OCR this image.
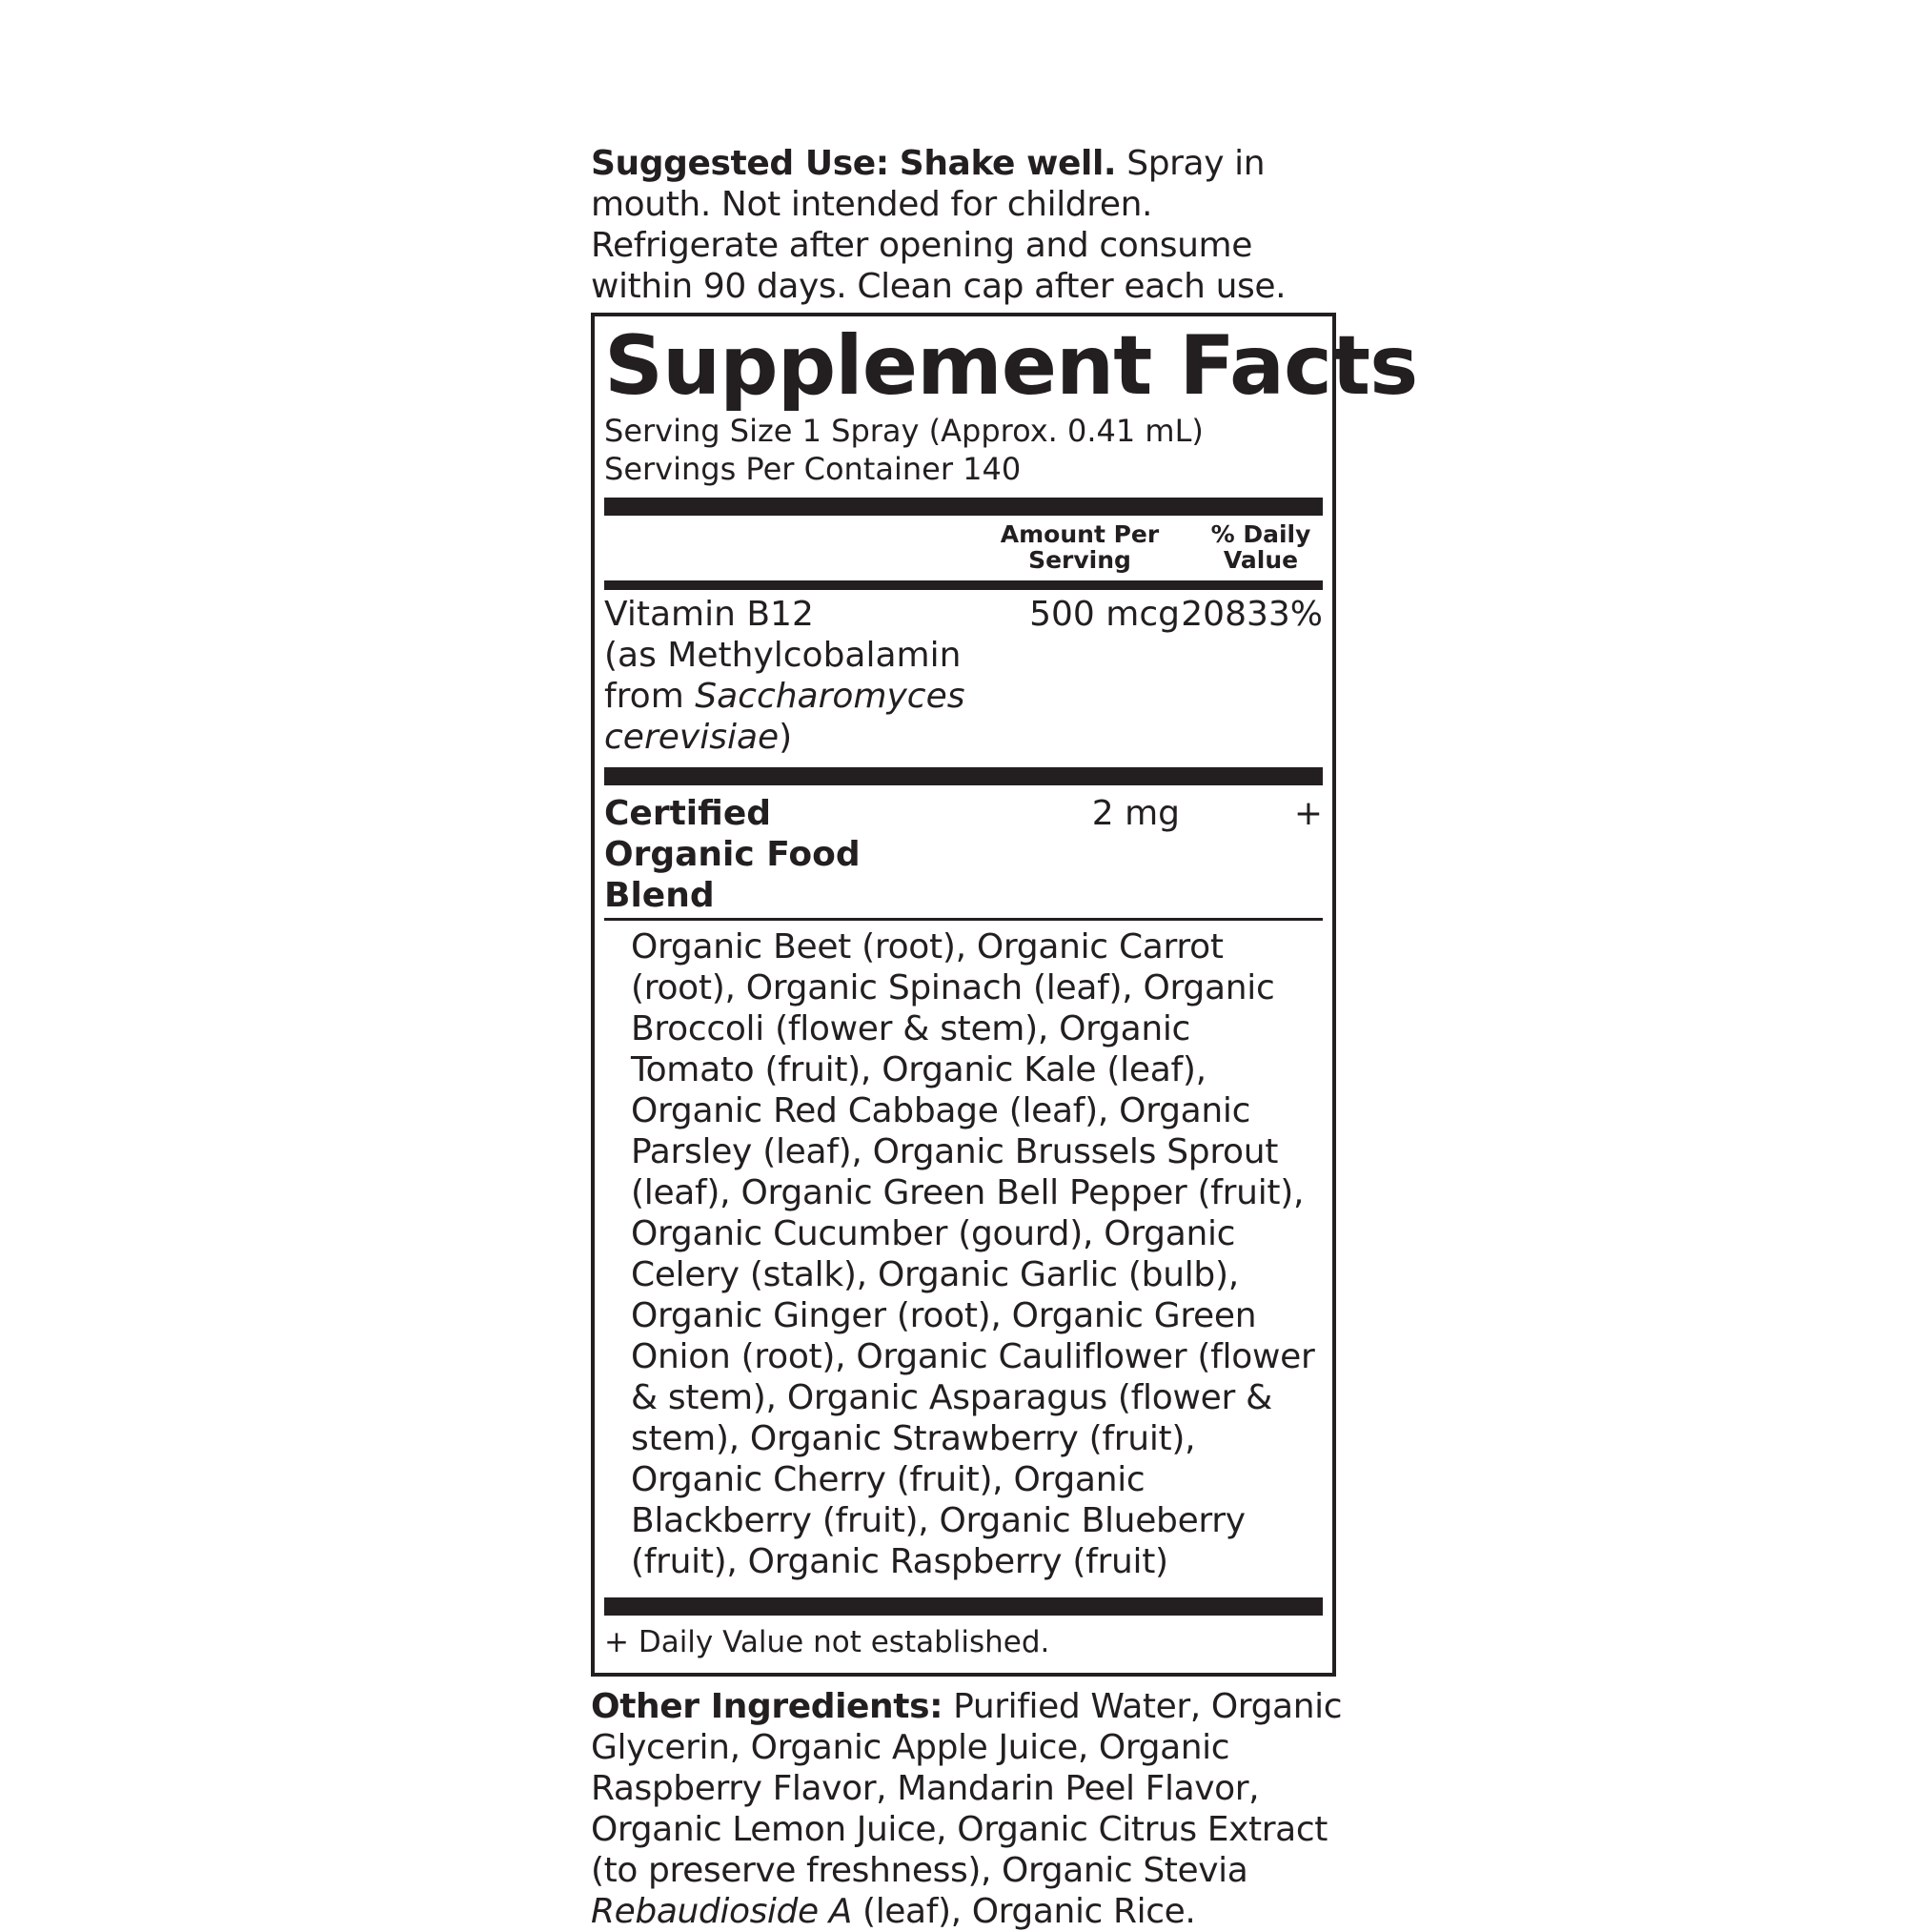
Suggested Use: Shake well. Spray in mouth. Not intended for children. Refrigerate after opening and consume within 90 days. Clean cap after each use.

Supplement Facts

Serving Size 1 Spray (Approx. 0.41 mL)

Servings Per Container 140

Amount Per Serving
% Daily Value
Vitamin B12
(as Methylcobalamin
from Saccharomyces cerevisiae)
500 mcg 20833%
Certified Organic Food Blend
2 mg	+
Organic Beet (root), Organic Carrot (root), Organic Spinach (leaf), Organic Broccoli (flower & stem), Organic Tomato (fruit), Organic Kale (leaf), Organic Red Cabbage (leaf), Organic Parsley (leaf), Organic Brussels Sprout (leaf), Organic Green Bell Pepper (fruit), Organic Cucumber (gourd), Organic Celery (stalk), Organic Garlic (bulb), Organic Ginger (root), Organic Green Onion (root), Organic Cauliflower (flower & stem), Organic Asparagus (flower & stem), Organic Strawberry (fruit), Organic Cherry (fruit), Organic Blackberry (fruit), Organic Blueberry (fruit), Organic Raspberry (fruit)
+ Daily Value not established.

Other Ingredients: Purified Water, Organic Glycerin, Organic Apple Juice, Organic Raspberry Flavor, Mandarin Peel Flavor, Organic Lemon Juice, Organic Citrus Extract (to preserve freshness), Organic Stevia Rebaudioside A (leaf), Organic Rice.
